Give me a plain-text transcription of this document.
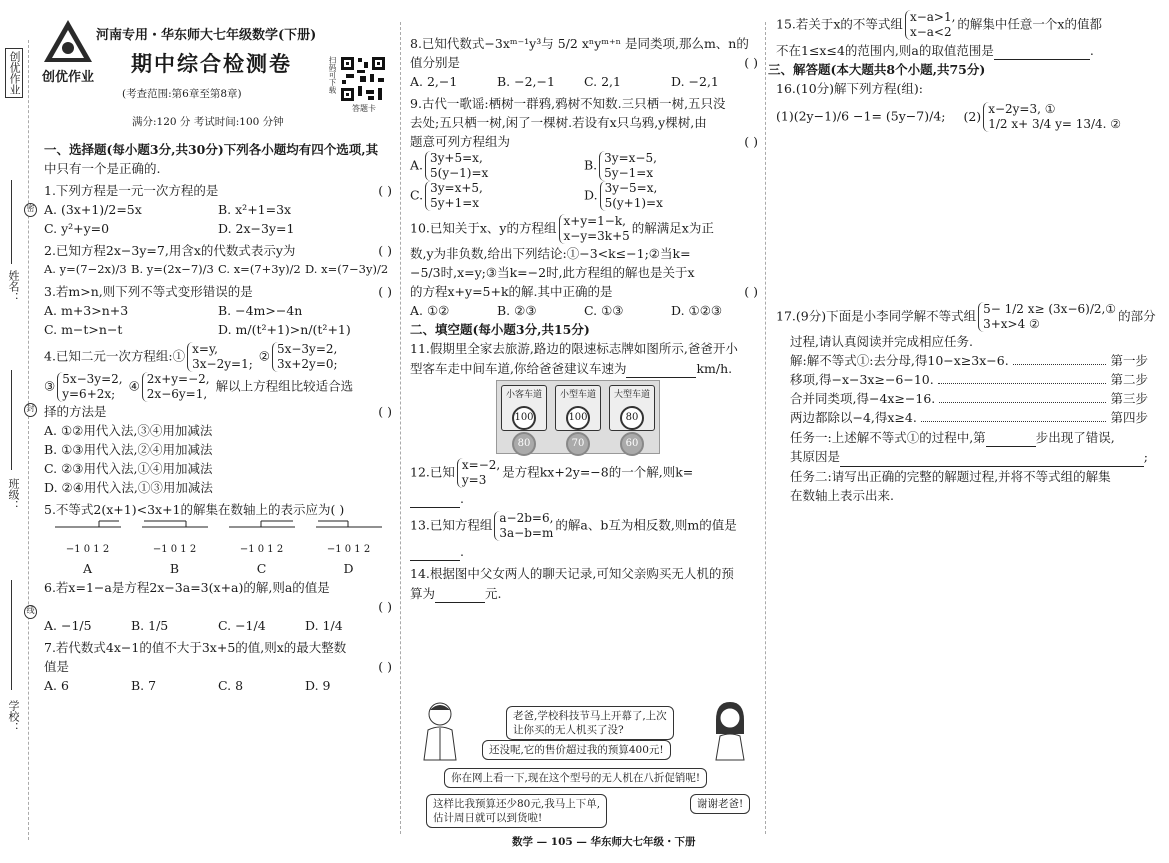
创优作业
学校：
班级：
姓名：
密
封
线
创优作业
河南专用・华东师大七年级数学(下册)
期中综合检测卷
(考查范围:第6章至第8章)
满分:120 分 考试时间:100 分钟
扫码可下载
答题卡
一、选择题(每小题3分,共30分)下列各小题均有四个选项,其
中只有一个是正确的.
1.下列方程是一元一次方程的是	( )
A. (3x+1)/2=5x	B. x²+1=3x
C. y²+y=0	D. 2x−3y=1
2.已知方程2x−3y=7,用含x的代数式表示y为	( )
A. y=(7−2x)/3 B. y=(2x−7)/3 C. x=(7+3y)/2 D. x=(7−3y)/2
3.若m>n,则下列不等式变形错误的是	( )
A. m+3>n+3	B. −4m>−4n
C. m−t>n−t	D. m/(t²+1)>n/(t²+1)
4.已知二元一次方程组:① x=y,
3x−2y=1; ② 5x−3y=2,
3x+2y=0;
③ 5x−3y=2,
y=6+2x; ④ 2x+y=−2,
2x−6y=1, 解以上方程组比较适合选
择的方法是	( )
A. ①②用代入法,③④用加减法
B. ①③用代入法,②④用加减法
C. ②③用代入法,①④用加减法
D. ②④用代入法,①③用加减法
5.不等式2(x+1)<3x+1的解集在数轴上的表示应为( )
−1 0 1 2
A
−1 0 1 2
B
−1 0 1 2
C
−1 0 1 2
D
6.若x=1−a是方程2x−3a=3(x+a)的解,则a的值是
( )
A. −1/5	B. 1/5	C. −1/4	D. 1/4
7.若代数式4x−1的值不大于3x+5的值,则x的最大整数
值是	( )
A. 6	B. 7	C. 8	D. 9
8.已知代数式−3xᵐ⁻¹y³与 5/2 xⁿyᵐ⁺ⁿ 是同类项,那么m、n的
值分别是	( )
A. 2,−1	B. −2,−1	C. 2,1	D. −2,1
9.古代一歌谣:栖树一群鸦,鸦树不知数.三只栖一树,五只没
去处;五只栖一树,闲了一棵树.若设有x只乌鸦,y棵树,由
题意可列方程组为	( )
A. 3y+5=x,
5(y−1)=x
B. 3y=x−5,
5y−1=x
C. 3y=x+5,
5y+1=x
D. 3y−5=x,
5(y+1)=x
10.已知关于x、y的方程组 x+y=1−k,
x−y=3k+5的解满足x为正
数,y为非负数,给出下列结论:①−3<k≤−1;②当k=
−5/3时,x=y;③当k=−2时,此方程组的解也是关于x
的方程x+y=5+k的解.其中正确的是	( )
A. ①②	B. ②③	C. ①③	D. ①②③
二、填空题(每小题3分,共15分)
11.假期里全家去旅游,路边的限速标志牌如图所示,爸爸开小
型客车走中间车道,你给爸爸建议车速为	km/h.
小客车道
10080
小型车道
10070
大型车道
8060
12.已知 x=−2,
y=3是方程kx+2y=−8的一个解,则k=
.
13.已知方程组 a−2b=6,
3a−b=m的解a、b互为相反数,则m的值是
.
14.根据图中父女两人的聊天记录,可知父亲购买无人机的预
算为	元.
老爸,学校科技节马上开幕了,上次
让你买的无人机买了没?
还没呢,它的售价超过我的预算400元!
你在网上看一下,现在这个型号的无人机在八折促销呢!
这样比我预算还少80元,我马上下单,
估计周日就可以到货啦!
谢谢老爸!
数学 — 105 — 华东师大七年级・下册
15.若关于x的不等式组 x−a>1,
x−a<2的解集中任意一个x的值都
不在1≤x≤4的范围内,则a的取值范围是	.
三、解答题(本大题共8个小题,共75分)
16.(10分)解下列方程(组):
(1)(2y−1)/6 −1= (5y−7)/4; (2) x−2y=3, ①
1/2 x+ 3/4 y= 13/4. ②
17.(9分)下面是小李同学解不等式组 5− 1/2 x≥ (3x−6)/2,①
3+x>4 ②的部分
过程,请认真阅读并完成相应任务.
解:解不等式①:去分母,得10−x≥3x−6.	第一步
移项,得−x−3x≥−6−10.	第二步
合并同类项,得−4x≥−16.	第三步
两边都除以−4,得x≥4.	第四步
任务一:上述解不等式①的过程中,第	步出现了错误,
其原因是
	;
任务二:请写出正确的完整的解题过程,并将不等式组的解集
在数轴上表示出来.
